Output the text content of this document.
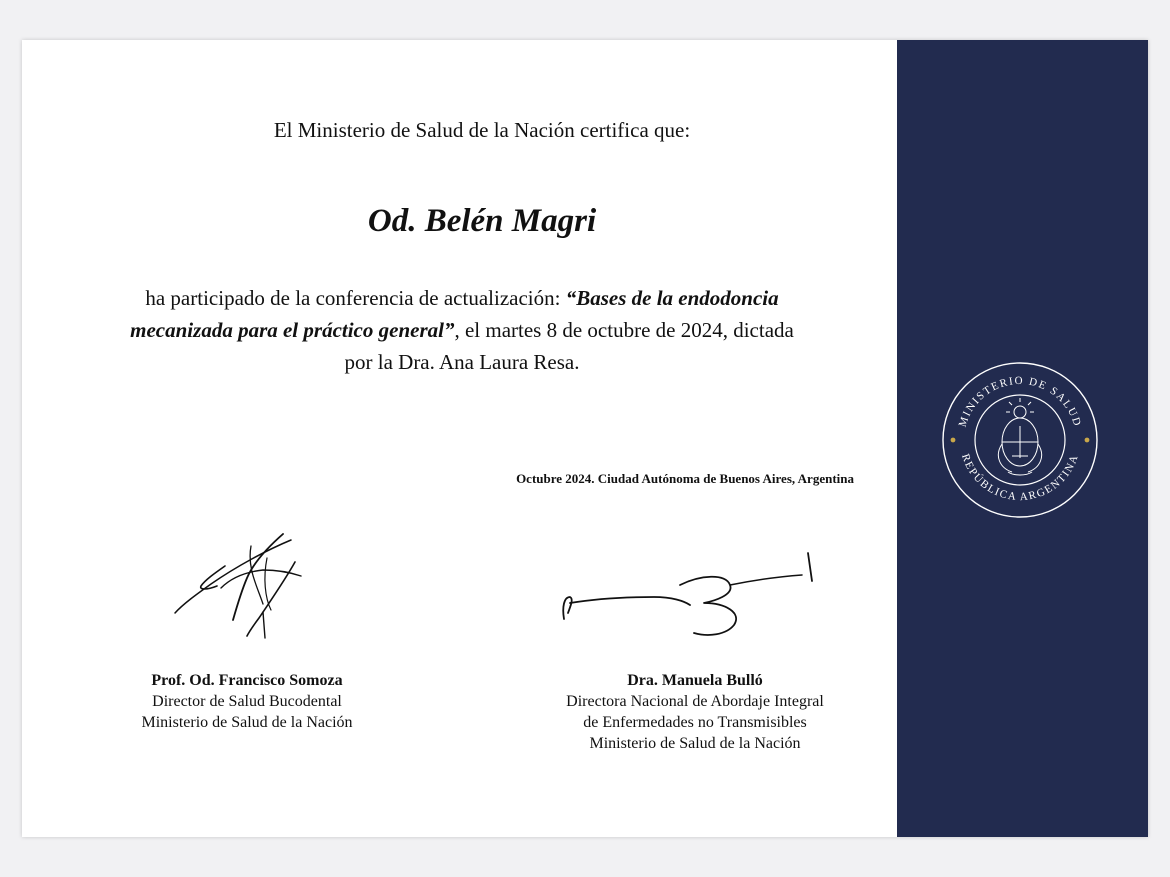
El Ministerio de Salud de la Nación certifica que:
Od. Belén Magri
ha participado de la conferencia de actualización: “Bases de la endodoncia mecanizada para el práctico general”, el martes 8 de octubre de 2024, dictada por la Dra. Ana Laura Resa.
Octubre 2024. Ciudad Autónoma de Buenos Aires, Argentina
Prof. Od. Francisco Somoza
Director de Salud Bucodental
Ministerio de Salud de la Nación
Dra. Manuela Bulló
Directora Nacional de Abordaje Integral
de Enfermedades no Transmisibles
Ministerio de Salud de la Nación
MINISTERIO DE SALUD
REPÚBLICA ARGENTINA
